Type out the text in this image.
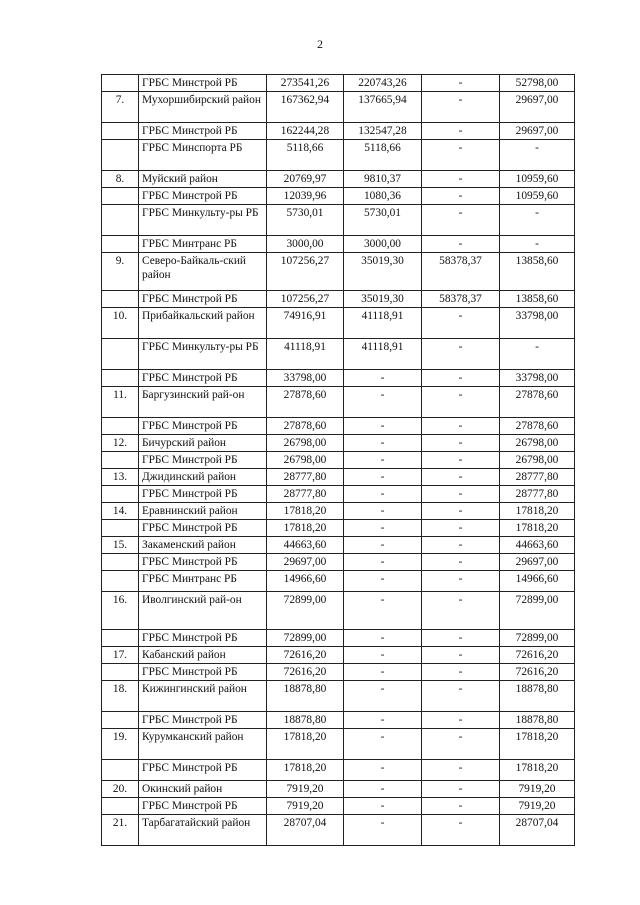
2
	ГРБС Минстрой РБ	273541,26	220743,26	-	52798,00
7.	Мухоршибирский район	167362,94	137665,94	-	29697,00
	ГРБС Минстрой РБ	162244,28	132547,28	-	29697,00
	ГРБС Минспорта РБ	5118,66	5118,66	-	-
8.	Муйский район	20769,97	9810,37	-	10959,60
	ГРБС Минстрой РБ	12039,96	1080,36	-	10959,60
	ГРБС Минкульту-ры РБ	5730,01	5730,01	-	-
	ГРБС Минтранс РБ	3000,00	3000,00	-	-
9.	Северо-Байкаль-ский район	107256,27	35019,30	58378,37	13858,60
	ГРБС Минстрой РБ	107256,27	35019,30	58378,37	13858,60
10.	Прибайкальский район	74916,91	41118,91	-	33798,00
	ГРБС Минкульту-ры РБ	41118,91	41118,91	-	-
	ГРБС Минстрой РБ	33798,00	-	-	33798,00
11.	Баргузинский рай-он	27878,60	-	-	27878,60
	ГРБС Минстрой РБ	27878,60	-	-	27878,60
12.	Бичурский район	26798,00	-	-	26798,00
	ГРБС Минстрой РБ	26798,00	-	-	26798,00
13.	Джидинский район	28777,80	-	-	28777,80
	ГРБС Минстрой РБ	28777,80	-	-	28777,80
14.	Еравнинский район	17818,20	-	-	17818,20
	ГРБС Минстрой РБ	17818,20	-	-	17818,20
15.	Закаменский район	44663,60	-	-	44663,60
	ГРБС Минстрой РБ	29697,00	-	-	29697,00
	ГРБС Минтранс РБ	14966,60	-	-	14966,60
16.	Иволгинский рай-он	72899,00	-	-	72899,00
	ГРБС Минстрой РБ	72899,00	-	-	72899,00
17.	Кабанский район	72616,20	-	-	72616,20
	ГРБС Минстрой РБ	72616,20	-	-	72616,20
18.	Кижингинский район	18878,80	-	-	18878,80
	ГРБС Минстрой РБ	18878,80	-	-	18878,80
19.	Курумканский район	17818,20	-	-	17818,20
	ГРБС Минстрой РБ	17818,20	-	-	17818,20
20.	Окинский район	7919,20	-	-	7919,20
	ГРБС Минстрой РБ	7919,20	-	-	7919,20
21.	Тарбагатайский район	28707,04	-	-	28707,04
